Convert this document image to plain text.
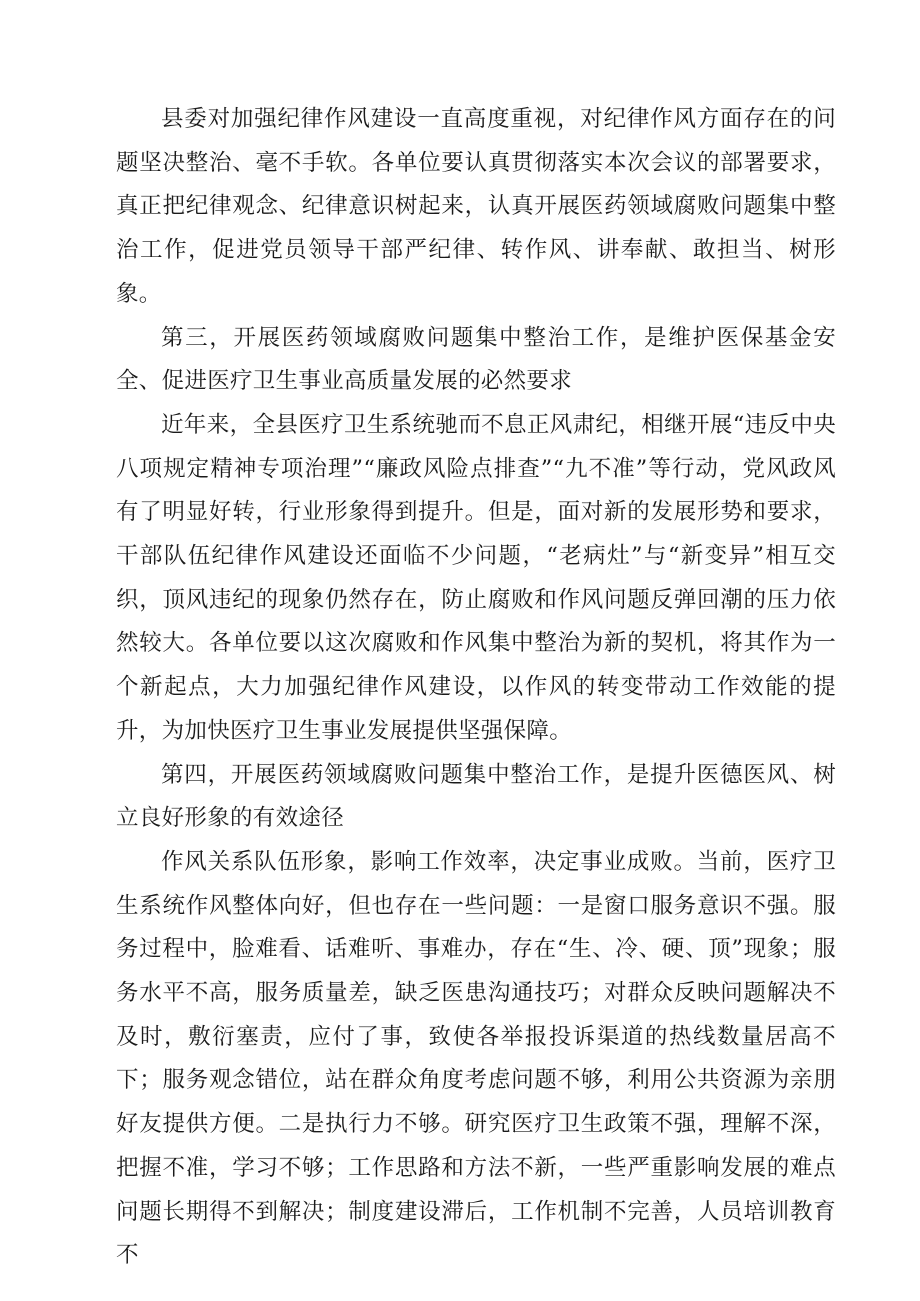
县委对加强纪律作风建设一直高度重视，对纪律作风方面存在的问题坚决整治、毫不手软。各单位要认真贯彻落实本次会议的部署要求，真正把纪律观念、纪律意识树起来，认真开展医药领域腐败问题集中整治工作，促进党员领导干部严纪律、转作风、讲奉献、敢担当、树形象。

第三，开展医药领域腐败问题集中整治工作，是维护医保基金安全、促进医疗卫生事业高质量发展的必然要求

近年来，全县医疗卫生系统驰而不息正风肃纪，相继开展“违反中央八项规定精神专项治理”“廉政风险点排查”“九不准”等行动，党风政风有了明显好转，行业形象得到提升。但是，面对新的发展形势和要求，干部队伍纪律作风建设还面临不少问题，“老病灶”与“新变异”相互交织，顶风违纪的现象仍然存在，防止腐败和作风问题反弹回潮的压力依然较大。各单位要以这次腐败和作风集中整治为新的契机，将其作为一个新起点，大力加强纪律作风建设，以作风的转变带动工作效能的提升，为加快医疗卫生事业发展提供坚强保障。

第四，开展医药领域腐败问题集中整治工作，是提升医德医风、树立良好形象的有效途径

作风关系队伍形象，影响工作效率，决定事业成败。当前，医疗卫生系统作风整体向好，但也存在一些问题：一是窗口服务意识不强。服务过程中，脸难看、话难听、事难办，存在“生、冷、硬、顶”现象；服务水平不高，服务质量差，缺乏医患沟通技巧；对群众反映问题解决不及时，敷衍塞责，应付了事，致使各举报投诉渠道的热线数量居高不下；服务观念错位，站在群众角度考虑问题不够，利用公共资源为亲朋好友提供方便。二是执行力不够。研究医疗卫生政策不强，理解不深，把握不准，学习不够；工作思路和方法不新，一些严重影响发展的难点问题长期得不到解决；制度建设滞后，工作机制不完善，人员培训教育不
